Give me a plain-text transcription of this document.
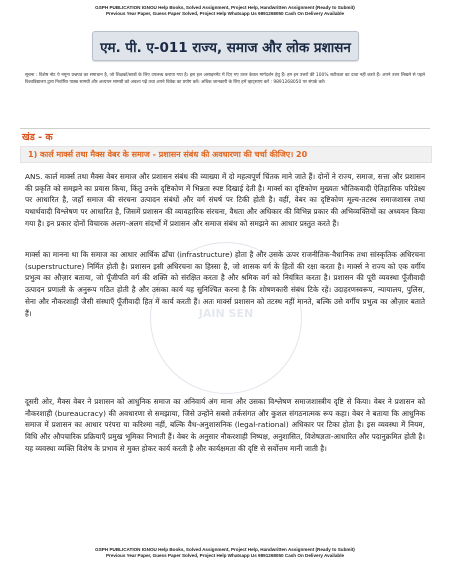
GSPH PUBLICATION IGNOU Help Books, Solved Assignment, Project Help, Handwritten Assignment (Ready to Submit)
Previous Year Paper, Guess Paper Solved, Project Help Whatsapp Us 9891268050 Cash On Delivery Available
एम. पी. ए-011 राज्य, समाज और लोक प्रशासन
सूचना : विशेष नोट ये नमूना प्रश्नपत्र का समाधान है, जो शिक्षकों/छात्रों के लिए उपलब्ध कराया गया है। इस हल असाइनमेंट में दिए गए उत्तर केवल मार्गदर्शन हेतु हैं। हम इन उत्तरों की 100% सटीकता का दावा नहीं करते हैं। अपने उत्तर लिखने से पहले विश्वविद्यालय द्वारा निर्धारित पाठ्य सामग्री और अध्ययन सामग्री को अवश्य पढ़ें तथा अपने विवेक का प्रयोग करें। अधिक जानकारी के लिए हमें व्हाट्सएप करें : 9891268050 पर संपर्क करें।
खंड - क
1) कार्ल मार्क्स तथा मैक्स वेबर के समाज - प्रशासन संबंध की अवधारणा की चर्चा कीजिए। 20
JAIN SEN
ANS. कार्ल मार्क्स तथा मैक्स वेबर समाज और प्रशासन संबंध की व्याख्या में दो महत्वपूर्ण चिंतक माने जाते हैं। दोनों ने राज्य, समाज, सत्ता और प्रशासन की प्रकृति को समझने का प्रयास किया, किंतु उनके दृष्टिकोण में भिन्नता स्पष्ट दिखाई देती है। मार्क्स का दृष्टिकोण मुख्यतः भौतिकवादी ऐतिहासिक परिप्रेक्ष्य पर आधारित है, जहाँ समाज की संरचना उत्पादन संबंधों और वर्ग संघर्ष पर टिकी होती है। वहीं, वेबर का दृष्टिकोण मूल्य-तटस्थ समाजशास्त्र तथा यथार्थवादी विश्लेषण पर आधारित है, जिसमें प्रशासन की व्यावहारिक संरचना, वैधता और अधिकार की विभिन्न प्रकार की अभिव्यक्तियों का अध्ययन किया गया है। इन प्रकार दोनों विचारक अलग-अलग संदर्भों में प्रशासन और समाज संबंध को समझने का आधार प्रस्तुत करते हैं।
मार्क्स का मानना था कि समाज का आधार आर्थिक ढाँचा (infrastructure) होता है और उसके ऊपर राजनीतिक-वैधानिक तथा सांस्कृतिक अधिरचना (superstructure) निर्मित होती है। प्रशासन इसी अधिरचना का हिस्सा है, जो शासक वर्ग के हितों की रक्षा करता है। मार्क्स ने राज्य को एक वर्गीय प्रभुत्व का औज़ार बताया, जो पूँजीपति वर्ग की शक्ति को संरक्षित करता है और श्रमिक वर्ग को नियंत्रित करता है। प्रशासन की पूरी व्यवस्था पूँजीवादी उत्पादन प्रणाली के अनुरूप गठित होती है और उसका कार्य यह सुनिश्चित करना है कि शोषणकारी संबंध टिके रहें। उदाहरणस्वरूप, न्यायालय, पुलिस, सेना और नौकरशाही जैसी संस्थाएँ पूँजीवादी हित में कार्य करती हैं। अतः मार्क्स प्रशासन को तटस्थ नहीं मानते, बल्कि उसे वर्गीय प्रभुत्व का औज़ार बताते हैं।
दूसरी ओर, मैक्स वेबर ने प्रशासन को आधुनिक समाज का अनिवार्य अंग माना और उसका विश्लेषण समाजशास्त्रीय दृष्टि से किया। वेबर ने प्रशासन को नौकरशाही (bureaucracy) की अवधारणा से समझाया, जिसे उन्होंने सबसे तर्कसंगत और कुशल संगठनात्मक रूप कहा। वेबर ने बताया कि आधुनिक समाज में प्रशासन का आधार परंपरा या करिश्मा नहीं, बल्कि वैध-अनुशासनिक (legal-rational) अधिकार पर टिका होता है। इस व्यवस्था में नियम, विधि और औपचारिक प्रक्रियाएँ प्रमुख भूमिका निभाती हैं। वेबर के अनुसार नौकरशाही निष्पक्ष, अनुशासित, विशेषज्ञता-आधारित और पदानुक्रमित होती है। यह व्यवस्था व्यक्ति विशेष के प्रभाव से मुक्त होकर कार्य करती है और कार्यक्षमता की दृष्टि से सर्वोत्तम मानी जाती है।
GSPH PUBLICATION IGNOU Help Books, Solved Assignment, Project Help, Handwritten Assignment (Ready to Submit)
Previous Year Paper, Guess Paper Solved, Project Help Whatsapp Us 9891268050 Cash On Delivery Available
